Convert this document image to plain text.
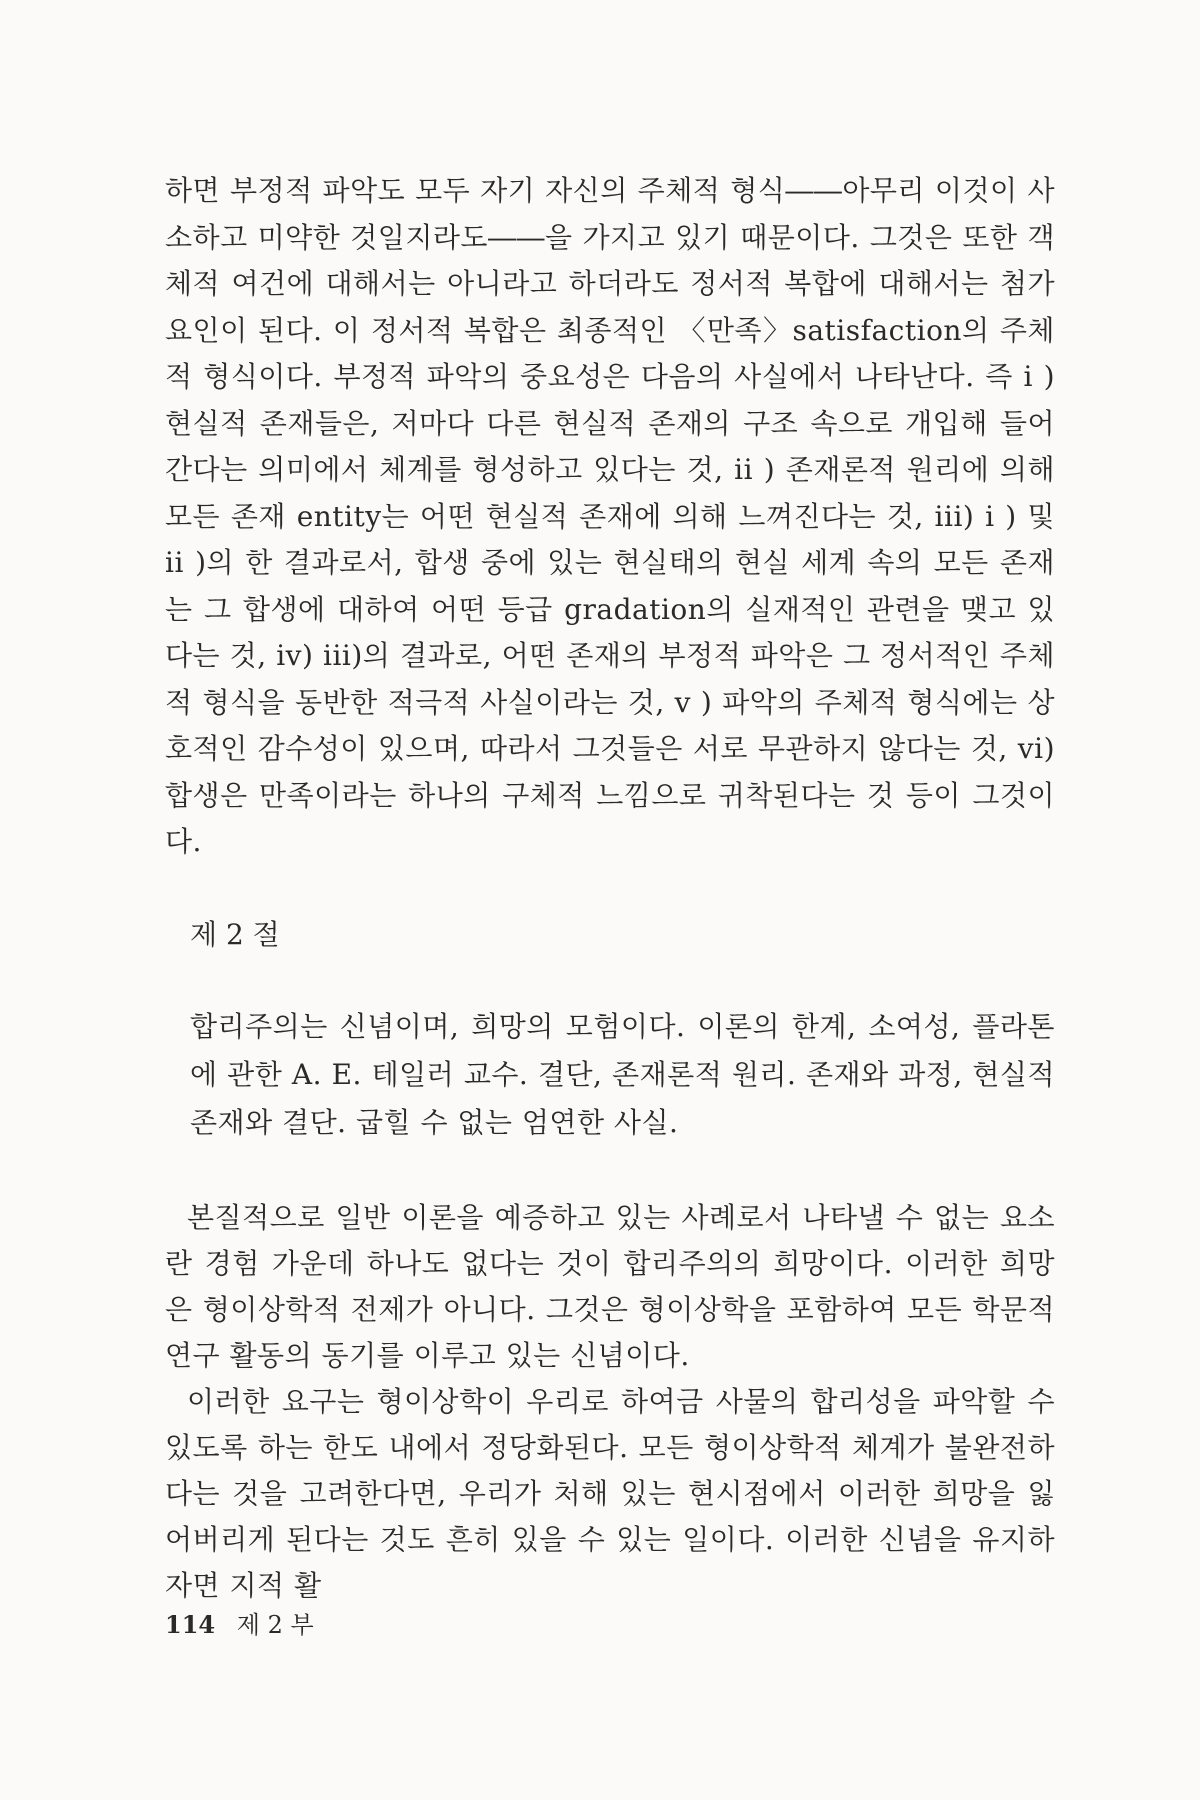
하면 부정적 파악도 모두 자기 자신의 주체적 형식――아무리 이것이 사소하고 미약한 것일지라도――을 가지고 있기 때문이다. 그것은 또한 객체적 여건에 대해서는 아니라고 하더라도 정서적 복합에 대해서는 첨가 요인이 된다. 이 정서적 복합은 최종적인 〈만족〉satisfaction의 주체적 형식이다. 부정적 파악의 중요성은 다음의 사실에서 나타난다. 즉 i ) 현실적 존재들은, 저마다 다른 현실적 존재의 구조 속으로 개입해 들어간다는 의미에서 체계를 형성하고 있다는 것, ii ) 존재론적 원리에 의해 모든 존재 entity는 어떤 현실적 존재에 의해 느껴진다는 것, iii) i ) 및 ii )의 한 결과로서, 합생 중에 있는 현실태의 현실 세계 속의 모든 존재는 그 합생에 대하여 어떤 등급 gradation의 실재적인 관련을 맺고 있다는 것, iv) iii)의 결과로, 어떤 존재의 부정적 파악은 그 정서적인 주체적 형식을 동반한 적극적 사실이라는 것, v ) 파악의 주체적 형식에는 상호적인 감수성이 있으며, 따라서 그것들은 서로 무관하지 않다는 것, vi) 합생은 만족이라는 하나의 구체적 느낌으로 귀착된다는 것 등이 그것이다.

제 2 절

합리주의는 신념이며, 희망의 모험이다. 이론의 한계, 소여성, 플라톤에 관한 A. E. 테일러 교수. 결단, 존재론적 원리. 존재와 과정, 현실적 존재와 결단. 굽힐 수 없는 엄연한 사실.

본질적으로 일반 이론을 예증하고 있는 사례로서 나타낼 수 없는 요소란 경험 가운데 하나도 없다는 것이 합리주의의 희망이다. 이러한 희망은 형이상학적 전제가 아니다. 그것은 형이상학을 포함하여 모든 학문적 연구 활동의 동기를 이루고 있는 신념이다.

이러한 요구는 형이상학이 우리로 하여금 사물의 합리성을 파악할 수 있도록 하는 한도 내에서 정당화된다. 모든 형이상학적 체계가 불완전하다는 것을 고려한다면, 우리가 처해 있는 현시점에서 이러한 희망을 잃어버리게 된다는 것도 흔히 있을 수 있는 일이다. 이러한 신념을 유지하자면 지적 활

114 제 2 부
